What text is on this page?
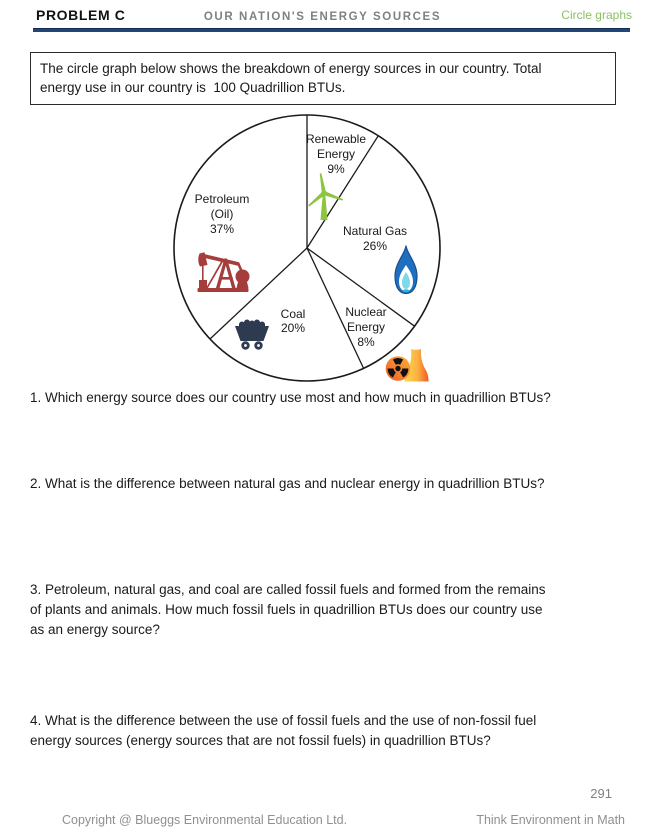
PROBLEM C	OUR NATION'S ENERGY SOURCES	Circle graphs
The circle graph below shows the breakdown of energy sources in our country. Total
energy use in our country is  100 Quadrillion BTUs.
Renewable
Energy
9%
Natural Gas
26%
Nuclear
Energy
8%
Coal
20%
Petroleum
(Oil)
37%
1. Which energy source does our country use most and how much in quadrillion BTUs?
2. What is the difference between natural gas and nuclear energy in quadrillion BTUs?
3. Petroleum, natural gas, and coal are called fossil fuels and formed from the remains
of plants and animals. How much fossil fuels in quadrillion BTUs does our country use
as an energy source?
4. What is the difference between the use of fossil fuels and the use of non-fossil fuel
energy sources (energy sources that are not fossil fuels) in quadrillion BTUs?
291
Copyright @ Blueggs Environmental Education Ltd.	Think Environment in Math
